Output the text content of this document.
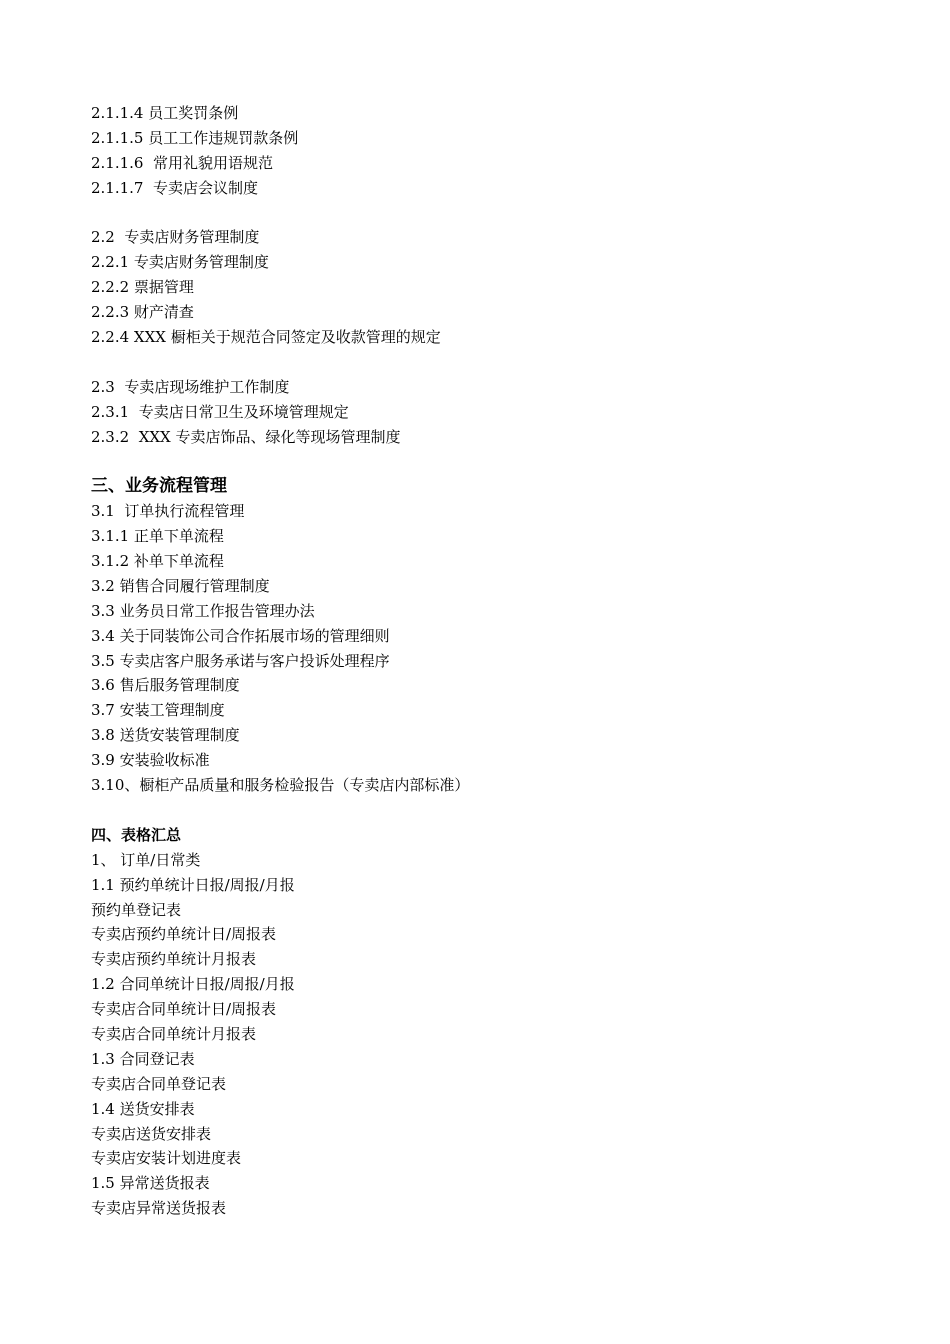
2.1.1.4 员工奖罚条例
2.1.1.5 员工工作违规罚款条例
2.1.1.6  常用礼貌用语规范
2.1.1.7  专卖店会议制度
2.2  专卖店财务管理制度
2.2.1 专卖店财务管理制度
2.2.2 票据管理
2.2.3 财产清查
2.2.4 XXX 橱柜关于规范合同签定及收款管理的规定
2.3  专卖店现场维护工作制度
2.3.1  专卖店日常卫生及环境管理规定
2.3.2  XXX 专卖店饰品、绿化等现场管理制度
三、业务流程管理
3.1  订单执行流程管理
3.1.1 正单下单流程
3.1.2 补单下单流程
3.2 销售合同履行管理制度
3.3 业务员日常工作报告管理办法
3.4 关于同装饰公司合作拓展市场的管理细则
3.5 专卖店客户服务承诺与客户投诉处理程序
3.6 售后服务管理制度
3.7 安装工管理制度
3.8 送货安装管理制度
3.9 安装验收标准
3.10、橱柜产品质量和服务检验报告（专卖店内部标准）
四、表格汇总
1、 订单/日常类
1.1 预约单统计日报/周报/月报
预约单登记表
专卖店预约单统计日/周报表
专卖店预约单统计月报表
1.2 合同单统计日报/周报/月报
专卖店合同单统计日/周报表
专卖店合同单统计月报表
1.3 合同登记表
专卖店合同单登记表
1.4 送货安排表
专卖店送货安排表
专卖店安装计划进度表
1.5 异常送货报表
专卖店异常送货报表
